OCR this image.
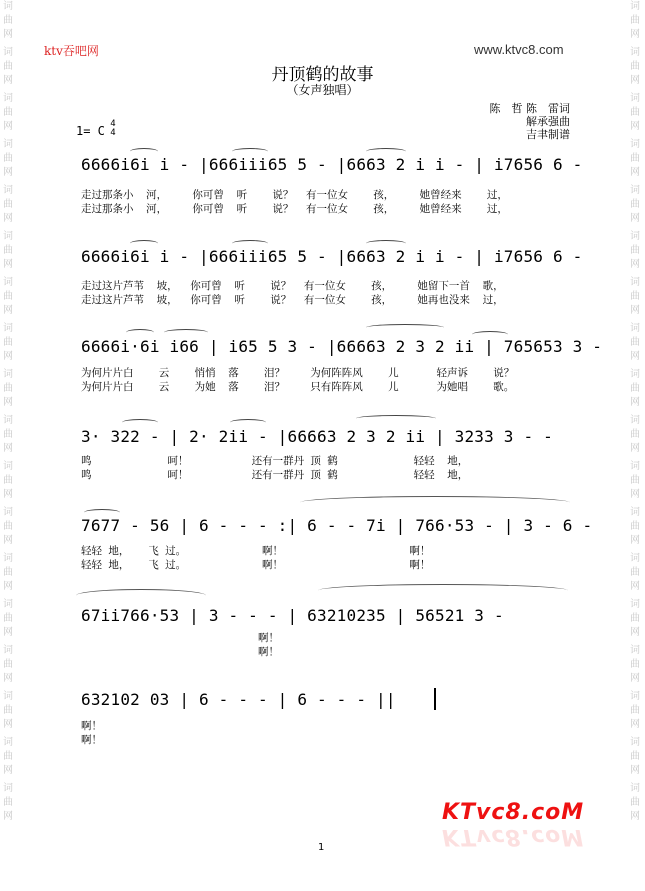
词曲网
词曲网
词曲网
词曲网
词曲网
词曲网
词曲网
词曲网
词曲网
词曲网
词曲网
词曲网
词曲网
词曲网
词曲网
词曲网
词曲网
词曲网
词曲网
词曲网
词曲网
词曲网
词曲网
词曲网
词曲网
词曲网
词曲网
词曲网
词曲网
词曲网
词曲网
词曲网
词曲网
词曲网
词曲网
词曲网
ktv吞吧网	www.ktvc8.com
丹顶鹤的故事
（女声独唱）
陈　哲 陈　雷词
解承强曲
吉聿制谱
1= C 4
4
6666i6i i - |666iii65 5 - |6663 2 i i - | i7656 6 -
走过那条小  河，    你可曾  听    说？  有一位女    孩，    她曾经来    过，
走过那条小  河，    你可曾  听    说？  有一位女    孩，    她曾经来    过，
6666i6i i - |666iii65 5 - |6663 2 i i - | i7656 6 -
走过这片芦苇  坡，  你可曾  听    说？  有一位女    孩，    她留下一首  歌，
走过这片芦苇  坡，  你可曾  听    说？  有一位女    孩，    她再也没来  过，
6666i·6i i66 | i65 5 3 - |66663 2 3 2 ii | 765653 3 -
为何片片白    云    悄悄  落    泪？    为何阵阵风    儿      轻声诉    说？
为何片片白    云    为她  落    泪？    只有阵阵风    儿      为她唱    歌。
3· 322 - | 2· 2ii - |66663 2 3 2 ii | 3233 3 - -
鸣            呵！          还有一群丹 顶 鹤            轻轻  地，
鸣            呵！          还有一群丹 顶 鹤            轻轻  地，
7677 - 56 | 6 - - - :| 6 - - 7i | 766·53 - | 3 - 6 -
轻轻 地，   飞 过。            啊！                    啊！
轻轻 地，   飞 过。            啊！                    啊！
67ii766·53 | 3 - - - | 63210235 | 56521 3 -
啊！
啊！
632102 03 | 6 - - - | 6 - - - ||
啊！
啊！
KTvc8.coM
KTvc8.coM
1
